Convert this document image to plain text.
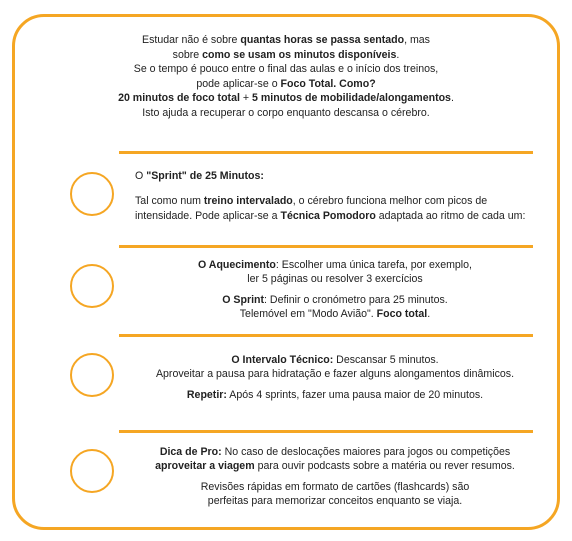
Estudar não é sobre quantas horas se passa sentado, mas

sobre como se usam os minutos disponíveis.

Se o tempo é pouco entre o final das aulas e o início dos treinos,

pode aplicar-se o Foco Total. Como?

20 minutos de foco total + 5 minutos de mobilidade/alongamentos.

Isto ajuda a recuperar o corpo enquanto descansa o cérebro.

O "Sprint" de 25 Minutos:

Tal como num treino intervalado, o cérebro funciona melhor com picos de intensidade. Pode aplicar-se a Técnica Pomodoro adaptada ao ritmo de cada um:

O Aquecimento: Escolher uma única tarefa, por exemplo,
ler 5 páginas ou resolver 3 exercícios

O Sprint: Definir o cronómetro para 25 minutos.
Telemóvel em "Modo Avião". Foco total.

O Intervalo Técnico: Descansar 5 minutos.
Aproveitar a pausa para hidratação e fazer alguns alongamentos dinâmicos.

Repetir: Após 4 sprints, fazer uma pausa maior de 20 minutos.

Dica de Pro: No caso de deslocações maiores para jogos ou competições
aproveitar a viagem para ouvir podcasts sobre a matéria ou rever resumos.

Revisões rápidas em formato de cartões (flashcards) são
perfeitas para memorizar conceitos enquanto se viaja.
